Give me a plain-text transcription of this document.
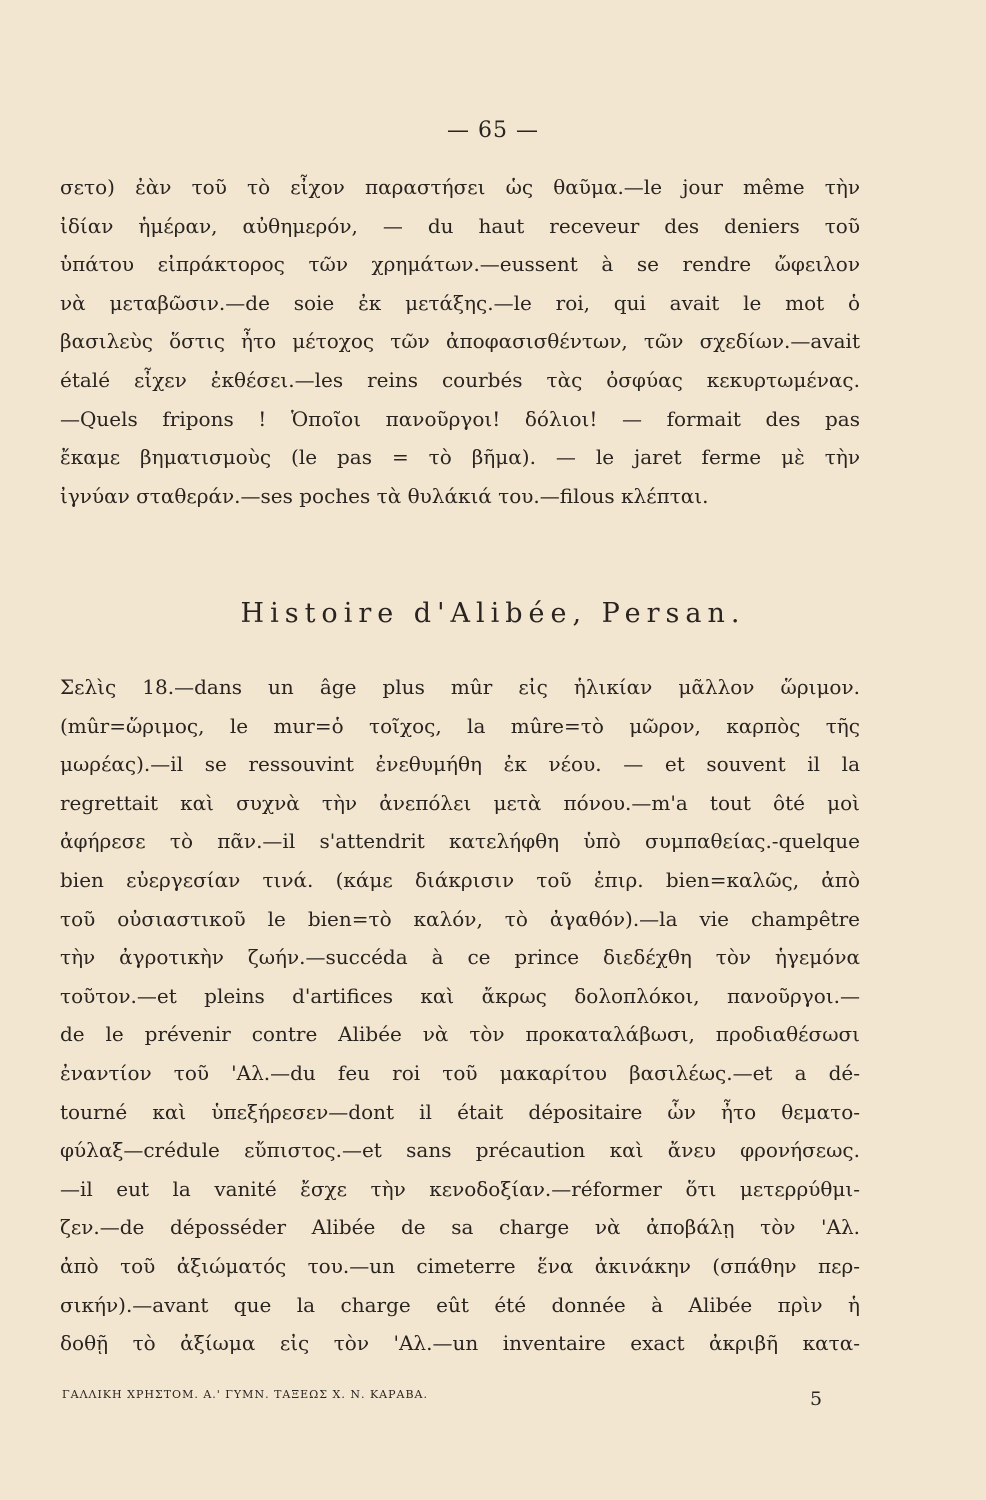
— 65 —
σετο) ἐὰν τοῦ τὸ εἶχον παραστήσει ὡς θαῦμα.—le jour même τὴν
ἰδίαν ἡμέραν, αὐθημερόν, — du haut receveur des deniers τοῦ
ὑπάτου εἰπράκτορος τῶν χρημάτων.—eussent à se rendre ὤφειλον
νὰ μεταβῶσιν.—de soie ἐκ μετάξης.—le roi, qui avait le mot ὁ
βασιλεὺς ὅστις ἦτο μέτοχος τῶν ἀποφασισθέντων, τῶν σχεδίων.—avait
étalé εἶχεν ἐκθέσει.—les reins courbés τὰς ὀσφύας κεκυρτωμένας.
—Quels fripons ! Ὁποῖοι πανοῦργοι! δόλιοι! — formait des pas
ἔκαμε βηματισμοὺς (le pas = τὸ βῆμα). — le jaret ferme μὲ τὴν
ἰγνύαν σταθεράν.—ses poches τὰ θυλάκιά του.—filous κλέπται.
Histoire d'Alibée, Persan.
Σελὶς 18.—dans un âge plus mûr εἰς ἡλικίαν μᾶλλον ὥριμον.
(mûr=ὥριμος, le mur=ὁ τοῖχος, la mûre=τὸ μῶρον, καρπὸς τῆς
μωρέας).—il se ressouvint ἐνεθυμήθη ἐκ νέου. — et souvent il la
regrettait καὶ συχνὰ τὴν ἀνεπόλει μετὰ πόνου.—m'a tout ôté μοὶ
ἀφήρεσε τὸ πᾶν.—il s'attendrit κατελήφθη ὑπὸ συμπαθείας.-quelque
bien εὐεργεσίαν τινά. (κάμε διάκρισιν τοῦ ἐπιρ. bien=καλῶς, ἀπὸ
τοῦ οὐσιαστικοῦ le bien=τὸ καλόν, τὸ ἀγαθόν).—la vie champêtre
τὴν ἀγροτικὴν ζωήν.—succéda à ce prince διεδέχθη τὸν ἡγεμόνα
τοῦτον.—et pleins d'artifices καὶ ἄκρως δολοπλόκοι, πανοῦργοι.—
de le prévenir contre Alibée νὰ τὸν προκαταλάβωσι, προδιαθέσωσι
ἐναντίον τοῦ 'Αλ.—du feu roi τοῦ μακαρίτου βασιλέως.—et a dé-
tourné καὶ ὑπεξήρεσεν—dont il était dépositaire ὧν ἦτο θεματο-
φύλαξ—crédule εὔπιστος.—et sans précaution καὶ ἄνευ φρονήσεως.
—il eut la vanité ἔσχε τὴν κενοδοξίαν.—réformer ὅτι μετερρύθμι-
ζεν.—de déposséder Alibée de sa charge νὰ ἀποβάλῃ τὸν 'Αλ.
ἀπὸ τοῦ ἀξιώματός του.—un cimeterre ἕνα ἀκινάκην (σπάθην περ-
σικήν).—avant que la charge eût été donnée à Alibée πρὶν ἡ
δοθῇ τὸ ἀξίωμα εἰς τὸν 'Αλ.—un inventaire exact ἀκριβῆ κατα-
ΓΑΛΛΙΚΗ ΧΡΗΣΤΟΜ. Α.' ΓΥΜΝ. ΤΑΞΕΩΣ Χ. Ν. ΚΑΡΑΒΑ.	5
